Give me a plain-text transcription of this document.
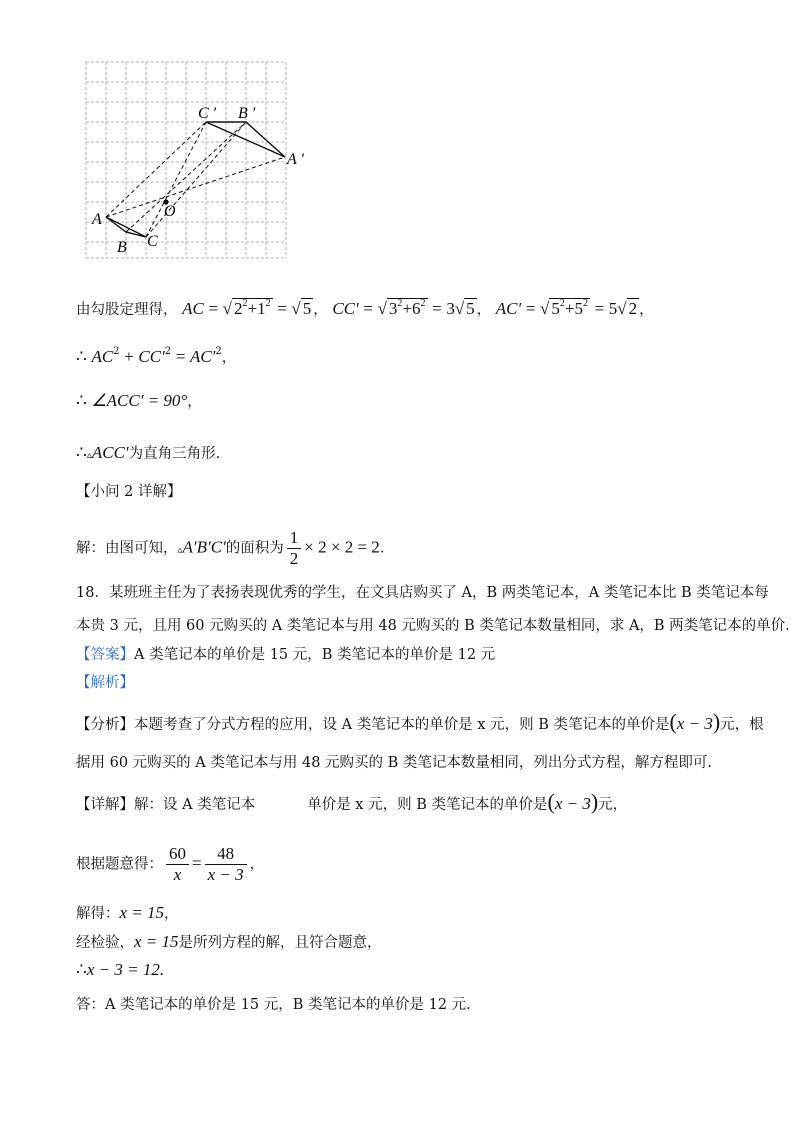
C ′ B ′
A ′
O
A
B C
由勾股定理得， AC = √ $2^2+1^2$ = √ 5 ， CC′ = √ $3^2+6^2 = 3√$ 5 ， AC′ = √ $5^2+5^2 = 5√$ 2 ，
∴ $AC^2 + CC'^2 = AC'^2$，
∴ ∠ACC′ = 90°，
∴▵ACC′为直角三角形.
【小问 2 详解】
解：由图可知，▵A′B′C′的面积为 $\frac{1}{2} \times 2 \times 2 = 2$.
18．某班班主任为了表扬表现优秀的学生，在文具店购买了 A，B 两类笔记本，A 类笔记本比 B 类笔记本每
本贵 3 元，且用 60 元购买的 A 类笔记本与用 48 元购买的 B 类笔记本数量相同，求 A，B 两类笔记本的单价.
【答案】A 类笔记本的单价是 15 元，B 类笔记本的单价是 12 元
【解析】
【分析】本题考查了分式方程的应用，设 A 类笔记本的单价是 x 元，则 B 类笔记本的单价是(x − 3)元，根
据用 60 元购买的 A 类笔记本与用 48 元购买的 B 类笔记本数量相同，列出分式方程，解方程即可.
【详解】解：设 A 类笔记本	单价是 x 元，则 B 类笔记本的单价是(x − 3)元，
根据题意得： $\frac{60}{x} = \frac{48}{x - 3}$ ，
解得：x = 15，
经检验，x = 15是所列方程的解，且符合题意，
∴x − 3 = 12.
答：A 类笔记本的单价是 15 元，B 类笔记本的单价是 12 元.
